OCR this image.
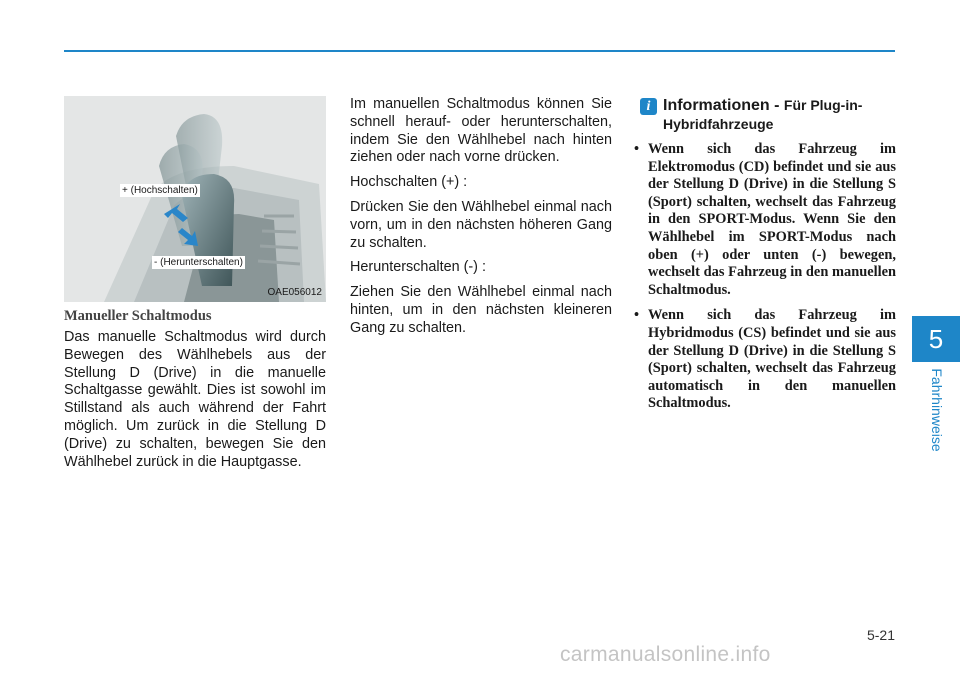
+ (Hochschalten)
- (Herunterschalten)
OAE056012
Manueller Schaltmodus

Das manuelle Schaltmodus wird durch Bewegen des Wählhebels aus der Stellung D (Drive) in die manuelle Schaltgasse gewählt. Dies ist sowohl im Stillstand als auch während der Fahrt möglich. Um zurück in die Stellung D (Drive) zu schalten, bewegen Sie den Wählhebel zurück in die Hauptgasse.

Im manuellen Schaltmodus können Sie schnell herauf- oder herunterschalten, indem Sie den Wählhebel nach hinten ziehen oder nach vorne drücken.

Hochschalten (+) :

Drücken Sie den Wählhebel einmal nach vorn, um in den nächsten höheren Gang zu schalten.

Herunterschalten (-) :

Ziehen Sie den Wählhebel einmal nach hinten, um in den nächsten kleineren Gang zu schalten.

i Informationen - Für Plug-in-Hybridfahrzeuge
• Wenn sich das Fahrzeug im Elektromodus (CD) befindet und sie aus der Stellung D (Drive) in die Stellung S (Sport) schalten, wechselt das Fahrzeug in den SPORT-Modus. Wenn Sie den Wählhebel im SPORT-Modus nach oben (+) oder unten (-) bewegen, wechselt das Fahrzeug in den manuellen Schaltmodus.
• Wenn sich das Fahrzeug im Hybridmodus (CS) befindet und sie aus der Stellung D (Drive) in die Stellung S (Sport) schalten, wechselt das Fahrzeug automatisch in den manuellen Schaltmodus.
5
Fahrhinweise
5-21
carmanualsonline.info
